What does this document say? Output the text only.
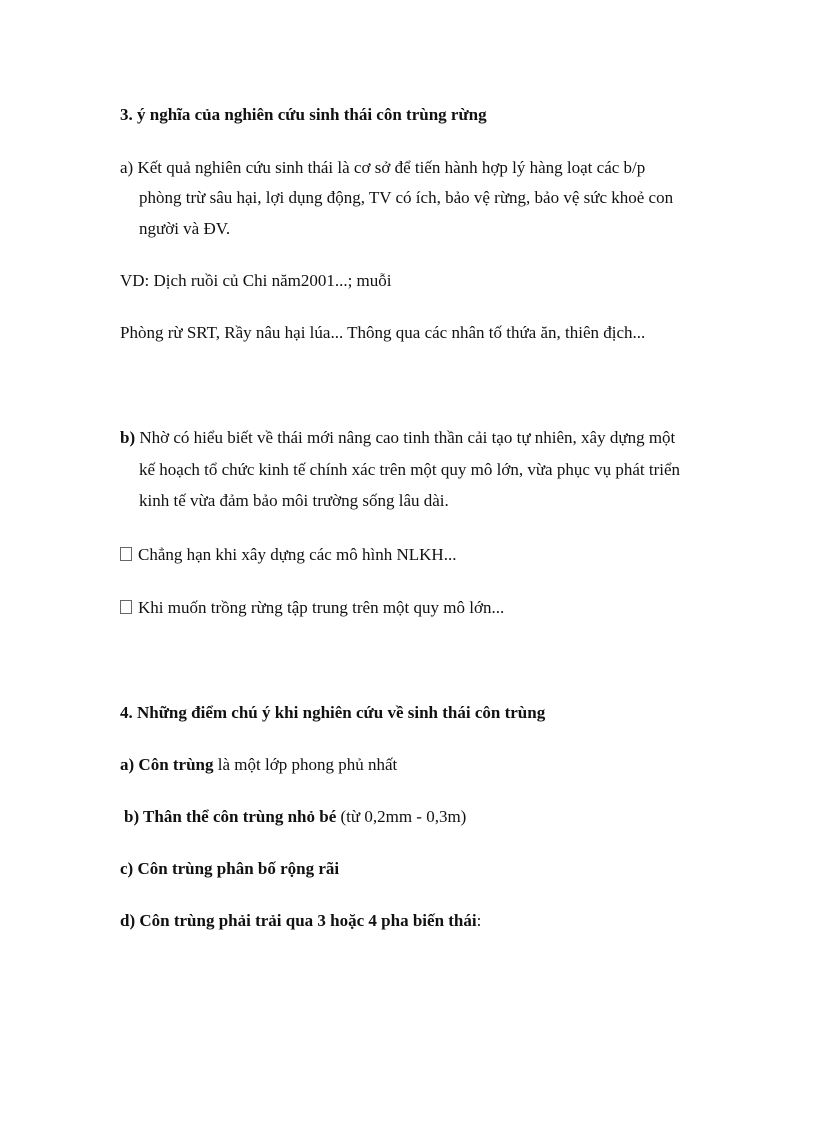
3. ý nghĩa của nghiên cứu sinh thái côn trùng rừng
a) Kết quả nghiên cứu sinh thái là cơ sở để tiến hành hợp lý hàng loạt các b/p
phòng trừ sâu hại, lợi dụng động, TV có ích, bảo vệ rừng, bảo vệ sức khoẻ con
người và ĐV.
VD: Dịch ruồi củ Chi năm2001...; muỗi
Phòng rừ SRT, Rầy nâu hại lúa... Thông qua các nhân tố thứa ăn, thiên địch...
b) Nhờ có hiểu biết về thái mới nâng cao tinh thần cải tạo tự nhiên, xây dựng một
kế hoạch tổ chức kinh tế chính xác trên một quy mô lớn, vừa phục vụ phát triển
kinh tế vừa đảm bảo môi trường sống lâu dài.
Chẳng hạn khi xây dựng các mô hình NLKH...
Khi muốn trồng rừng tập trung trên một quy mô lớn...
4. Những điểm chú ý khi nghiên cứu về sinh thái côn trùng
a) Côn trùng là một lớp phong phủ nhất
b) Thân thể côn trùng nhỏ bé (từ 0,2mm - 0,3m)
c) Côn trùng phân bố rộng rãi
d) Côn trùng phải trải qua 3 hoặc 4 pha biến thái:
